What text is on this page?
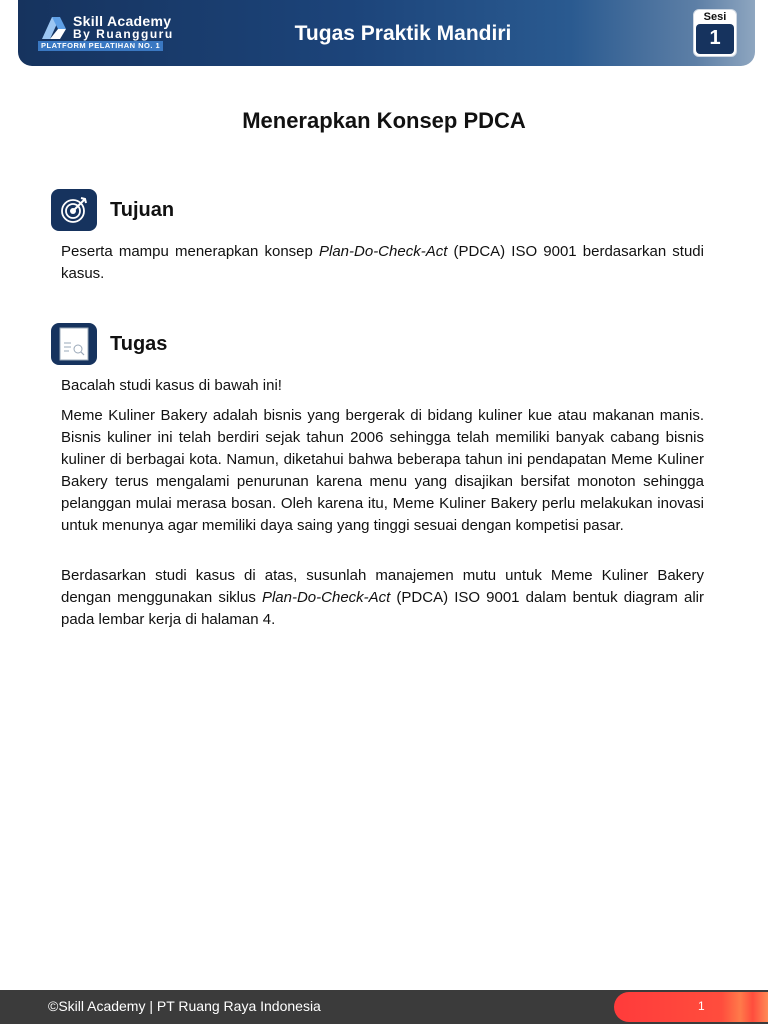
Skill Academy
By Ruangguru
PLATFORM PELATIHAN NO. 1
Tugas Praktik Mandiri
Sesi
1
Menerapkan Konsep PDCA
Tujuan

Peserta mampu menerapkan konsep Plan-Do-Check-Act (PDCA) ISO 9001 berdasarkan studi kasus.

Tugas

Bacalah studi kasus di bawah ini!

Meme Kuliner Bakery adalah bisnis yang bergerak di bidang kuliner kue atau makanan manis. Bisnis kuliner ini telah berdiri sejak tahun 2006 sehingga telah memiliki banyak cabang bisnis kuliner di berbagai kota. Namun, diketahui bahwa beberapa tahun ini pendapatan Meme Kuliner Bakery terus mengalami penurunan karena menu yang disajikan bersifat monoton sehingga pelanggan mulai merasa bosan. Oleh karena itu, Meme Kuliner Bakery perlu melakukan inovasi untuk menunya agar memiliki daya saing yang tinggi sesuai dengan kompetisi pasar.

Berdasarkan studi kasus di atas, susunlah manajemen mutu untuk Meme Kuliner Bakery dengan menggunakan siklus Plan-Do-Check-Act (PDCA) ISO 9001 dalam bentuk diagram alir pada lembar kerja di halaman 4.

©Skill Academy | PT Ruang Raya Indonesia	1
